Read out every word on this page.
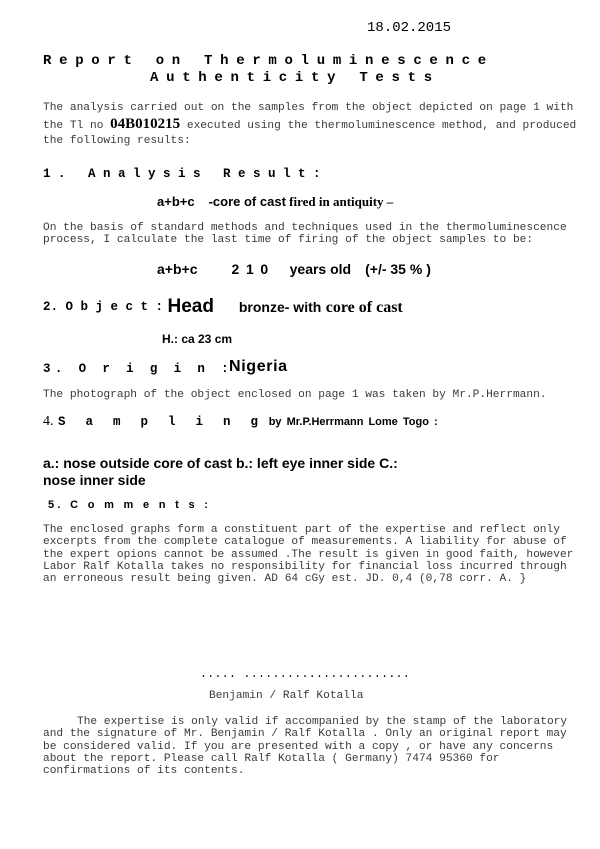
18.02.2015
Report on Thermoluminescence
Authenticity Tests
The analysis carried out on the samples from the object depicted on page 1 with the Tl no 04B010215 executed using the thermoluminescence method, and produced the following results:
1. Analysis Result:
a+b+c -core of cast fired in antiquity –
On the basis of standard methods and techniques used in the thermoluminescence process, I calculate the last time of firing of the object samples to be:
a+b+c 2 1 0 years old (+/- 35 % )
2. O b j e c t : Head bronze- with core of cast
H.: ca 23 cm
3. O r i g i n :
Nigeria
The photograph of the object enclosed on page 1 was taken by Mr.P.Herrmann.
4. S a m p l i n g by Mr.P.Herrmann Lome Togo :
a.: nose outside core of cast b.: left eye inner side C.:
nose inner side
5. C o m m e n t s :
The enclosed graphs form a constituent part of the expertise and reflect only excerpts from the complete catalogue of measurements. A liability for abuse of the expert opions cannot be assumed .The result is given in good faith, however Labor Ralf Kotalla takes no responsibility for financial loss incurred through an erroneous result being given. AD 64 cGy est. JD. 0,4 (0,78 corr. A. }
..... .......................
Benjamin / Ralf Kotalla
The expertise is only valid if accompanied by the stamp of the laboratory and the signature of Mr. Benjamin / Ralf Kotalla . Only an original report may be considered valid. If you are presented with a copy , or have any concerns about the report. Please call Ralf Kotalla ( Germany) 7474 95360 for confirmations of its contents.
